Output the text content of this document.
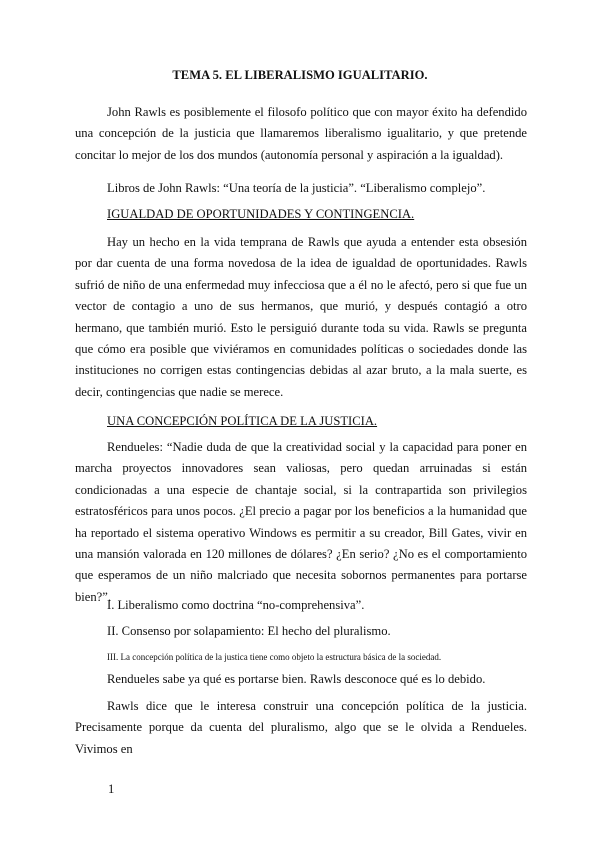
TEMA 5. EL LIBERALISMO IGUALITARIO.
John Rawls es posiblemente el filosofo político que con mayor éxito ha defendido una concepción de la justicia que llamaremos liberalismo igualitario, y que pretende concitar lo mejor de los dos mundos (autonomía personal y aspiración a la igualdad).
Libros de John Rawls: “Una teoría de la justicia”. “Liberalismo complejo”.
IGUALDAD DE OPORTUNIDADES Y CONTINGENCIA.
Hay un hecho en la vida temprana de Rawls que ayuda a entender esta obsesión por dar cuenta de una forma novedosa de la idea de igualdad de oportunidades. Rawls sufrió de niño de una enfermedad muy infecciosa que a él no le afectó, pero si que fue un vector de contagio a uno de sus hermanos, que murió, y después contagió a otro hermano, que también murió. Esto le persiguió durante toda su vida. Rawls se pregunta que cómo era posible que viviéramos en comunidades políticas o sociedades donde las instituciones no corrigen estas contingencias debidas al azar bruto, a la mala suerte, es decir, contingencias que nadie se merece.
UNA CONCEPCIÓN POLÍTICA DE LA JUSTICIA.
Rendueles: “Nadie duda de que la creatividad social y la capacidad para poner en marcha proyectos innovadores sean valiosas, pero quedan arruinadas si están condicionadas a una especie de chantaje social, si la contrapartida son privilegios estratosféricos para unos pocos. ¿El precio a pagar por los beneficios a la humanidad que ha reportado el sistema operativo Windows es permitir a su creador, Bill Gates, vivir en una mansión valorada en 120 millones de dólares? ¿En serio? ¿No es el comportamiento que esperamos de un niño malcriado que necesita sobornos permanentes para portarse bien?”.
I. Liberalismo como doctrina “no-comprehensiva”.
II. Consenso por solapamiento: El hecho del pluralismo.
III. La concepción política de la justica tiene como objeto la estructura básica de la sociedad.
Rendueles sabe ya qué es portarse bien. Rawls desconoce qué es lo debido.
Rawls dice que le interesa construir una concepción política de la justicia. Precisamente porque da cuenta del pluralismo, algo que se le olvida a Rendueles. Vivimos en
1
